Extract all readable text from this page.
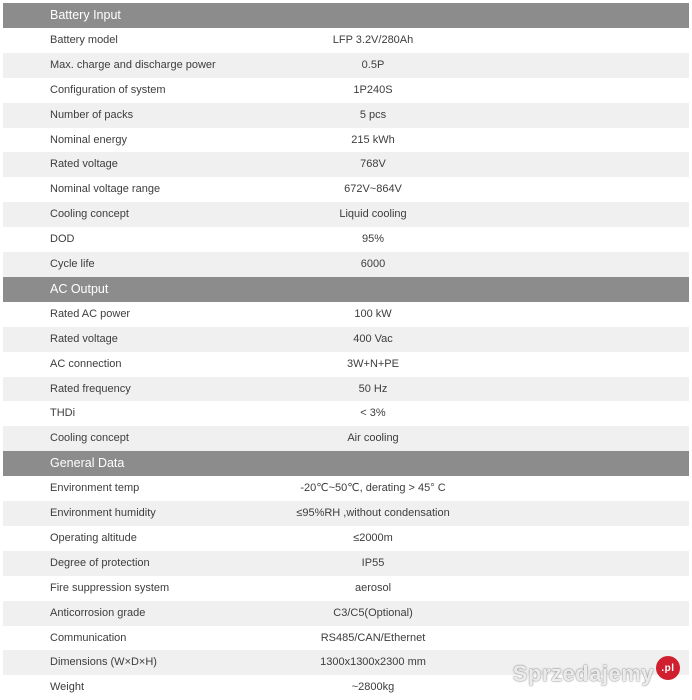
Battery Input
Battery model	LFP 3.2V/280Ah
Max. charge and discharge power	0.5P
Configuration of system	1P240S
Number of packs	5 pcs
Nominal energy	215 kWh
Rated voltage	768V
Nominal voltage range	672V~864V
Cooling concept	Liquid cooling
DOD	95%
Cycle life	6000
AC Output
Rated AC power	100 kW
Rated voltage	400 Vac
AC connection	3W+N+PE
Rated frequency	50 Hz
THDi	< 3%
Cooling concept	Air cooling
General Data
Environment temp	-20℃~50℃, derating > 45° C
Environment humidity	≤95%RH ,without condensation
Operating altitude	≤2000m
Degree of protection	IP55
Fire suppression system	aerosol
Anticorrosion grade	C3/C5(Optional)
Communication	RS485/CAN/Ethernet
Dimensions (W×D×H)	1300x1300x2300 mm
Weight	~2800kg
Sprzedajemy .pl
